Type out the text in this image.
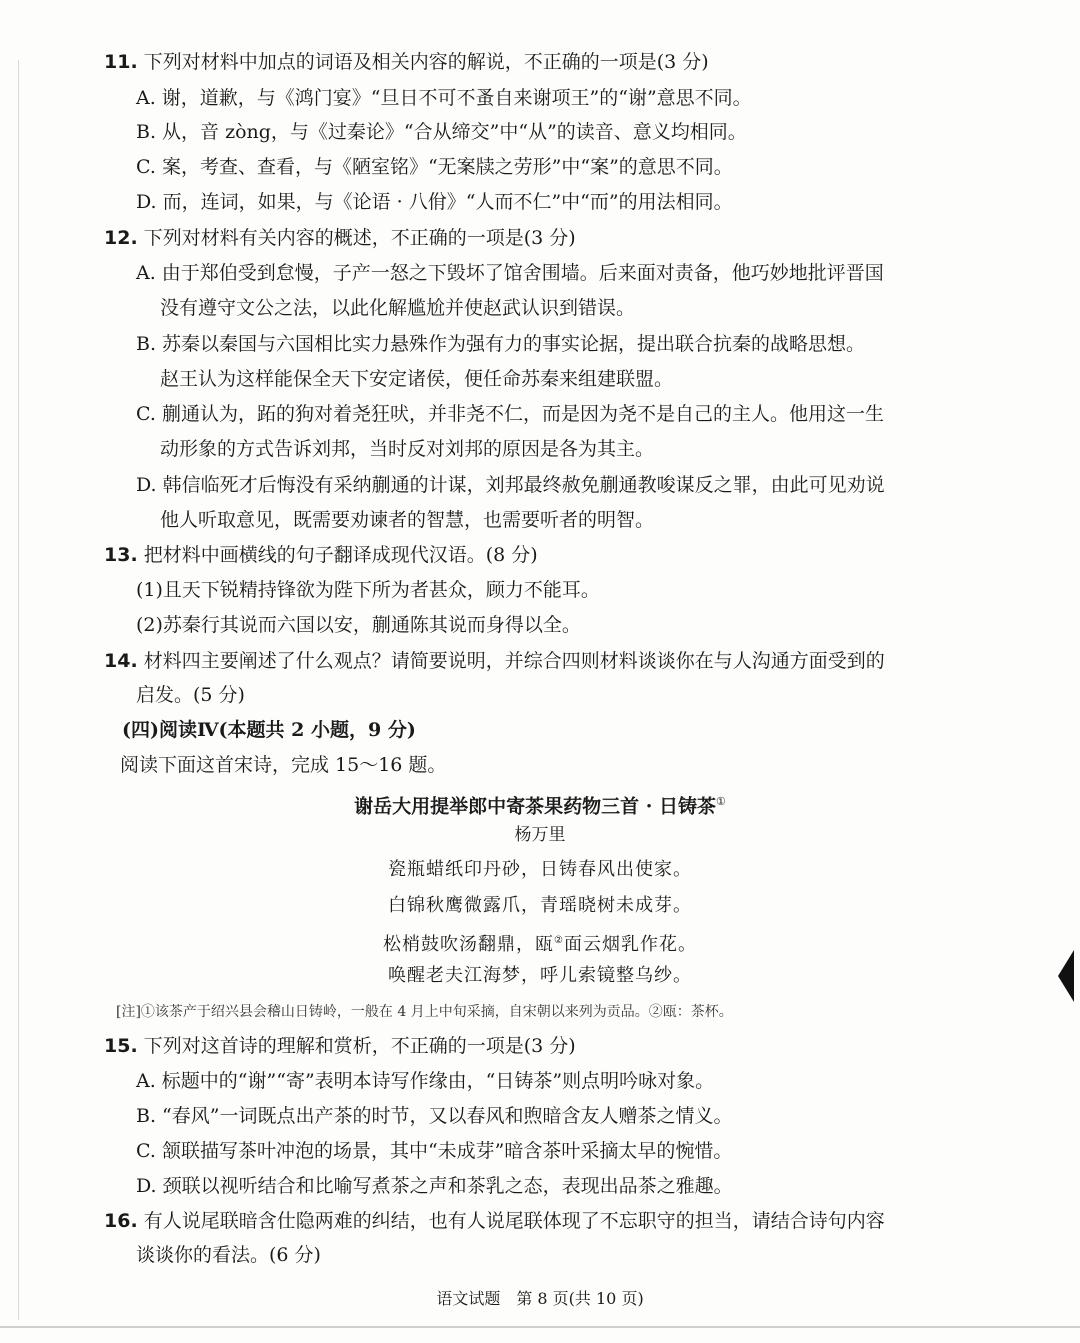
11. 下列对材料中加点的词语及相关内容的解说，不正确的一项是(3 分)
A. 谢，道歉，与《鸿门宴》“旦日不可不蚤自来谢项王”的“谢”意思不同。
B. 从，音 zòng，与《过秦论》“合从缔交”中“从”的读音、意义均相同。
C. 案，考查、查看，与《陋室铭》“无案牍之劳形”中“案”的意思不同。
D. 而，连词，如果，与《论语 · 八佾》“人而不仁”中“而”的用法相同。
12. 下列对材料有关内容的概述，不正确的一项是(3 分)
A. 由于郑伯受到怠慢，子产一怒之下毁坏了馆舍围墙。后来面对责备，他巧妙地批评晋国
没有遵守文公之法，以此化解尴尬并使赵武认识到错误。
B. 苏秦以秦国与六国相比实力悬殊作为强有力的事实论据，提出联合抗秦的战略思想。
赵王认为这样能保全天下安定诸侯，便任命苏秦来组建联盟。
C. 蒯通认为，跖的狗对着尧狂吠，并非尧不仁，而是因为尧不是自己的主人。他用这一生
动形象的方式告诉刘邦，当时反对刘邦的原因是各为其主。
D. 韩信临死才后悔没有采纳蒯通的计谋，刘邦最终赦免蒯通教唆谋反之罪，由此可见劝说
他人听取意见，既需要劝谏者的智慧，也需要听者的明智。
13. 把材料中画横线的句子翻译成现代汉语。(8 分)
(1)且天下锐精持锋欲为陛下所为者甚众，顾力不能耳。
(2)苏秦行其说而六国以安，蒯通陈其说而身得以全。
14. 材料四主要阐述了什么观点？请简要说明，并综合四则材料谈谈你在与人沟通方面受到的
启发。(5 分)
(四)阅读Ⅳ(本题共 2 小题，9 分)
阅读下面这首宋诗，完成 15～16 题。
谢岳大用提举郎中寄茶果药物三首 · 日铸茶①
杨万里
瓷瓶蜡纸印丹砂，日铸春风出使家。
白锦秋鹰微露爪，青瑶晓树未成芽。
松梢鼓吹汤翻鼎，瓯②面云烟乳作花。
唤醒老夫江海梦，呼儿索镜整乌纱。
[注]①该茶产于绍兴县会稽山日铸岭，一般在 4 月上中旬采摘，自宋朝以来列为贡品。②瓯：茶杯。
15. 下列对这首诗的理解和赏析，不正确的一项是(3 分)
A. 标题中的“谢”“寄”表明本诗写作缘由，“日铸茶”则点明吟咏对象。
B. “春风”一词既点出产茶的时节，又以春风和煦暗含友人赠茶之情义。
C. 颔联描写茶叶冲泡的场景，其中“未成芽”暗含茶叶采摘太早的惋惜。
D. 颈联以视听结合和比喻写煮茶之声和茶乳之态，表现出品茶之雅趣。
16. 有人说尾联暗含仕隐两难的纠结，也有人说尾联体现了不忘职守的担当，请结合诗句内容
谈谈你的看法。(6 分)
语文试题　第 8 页(共 10 页)
